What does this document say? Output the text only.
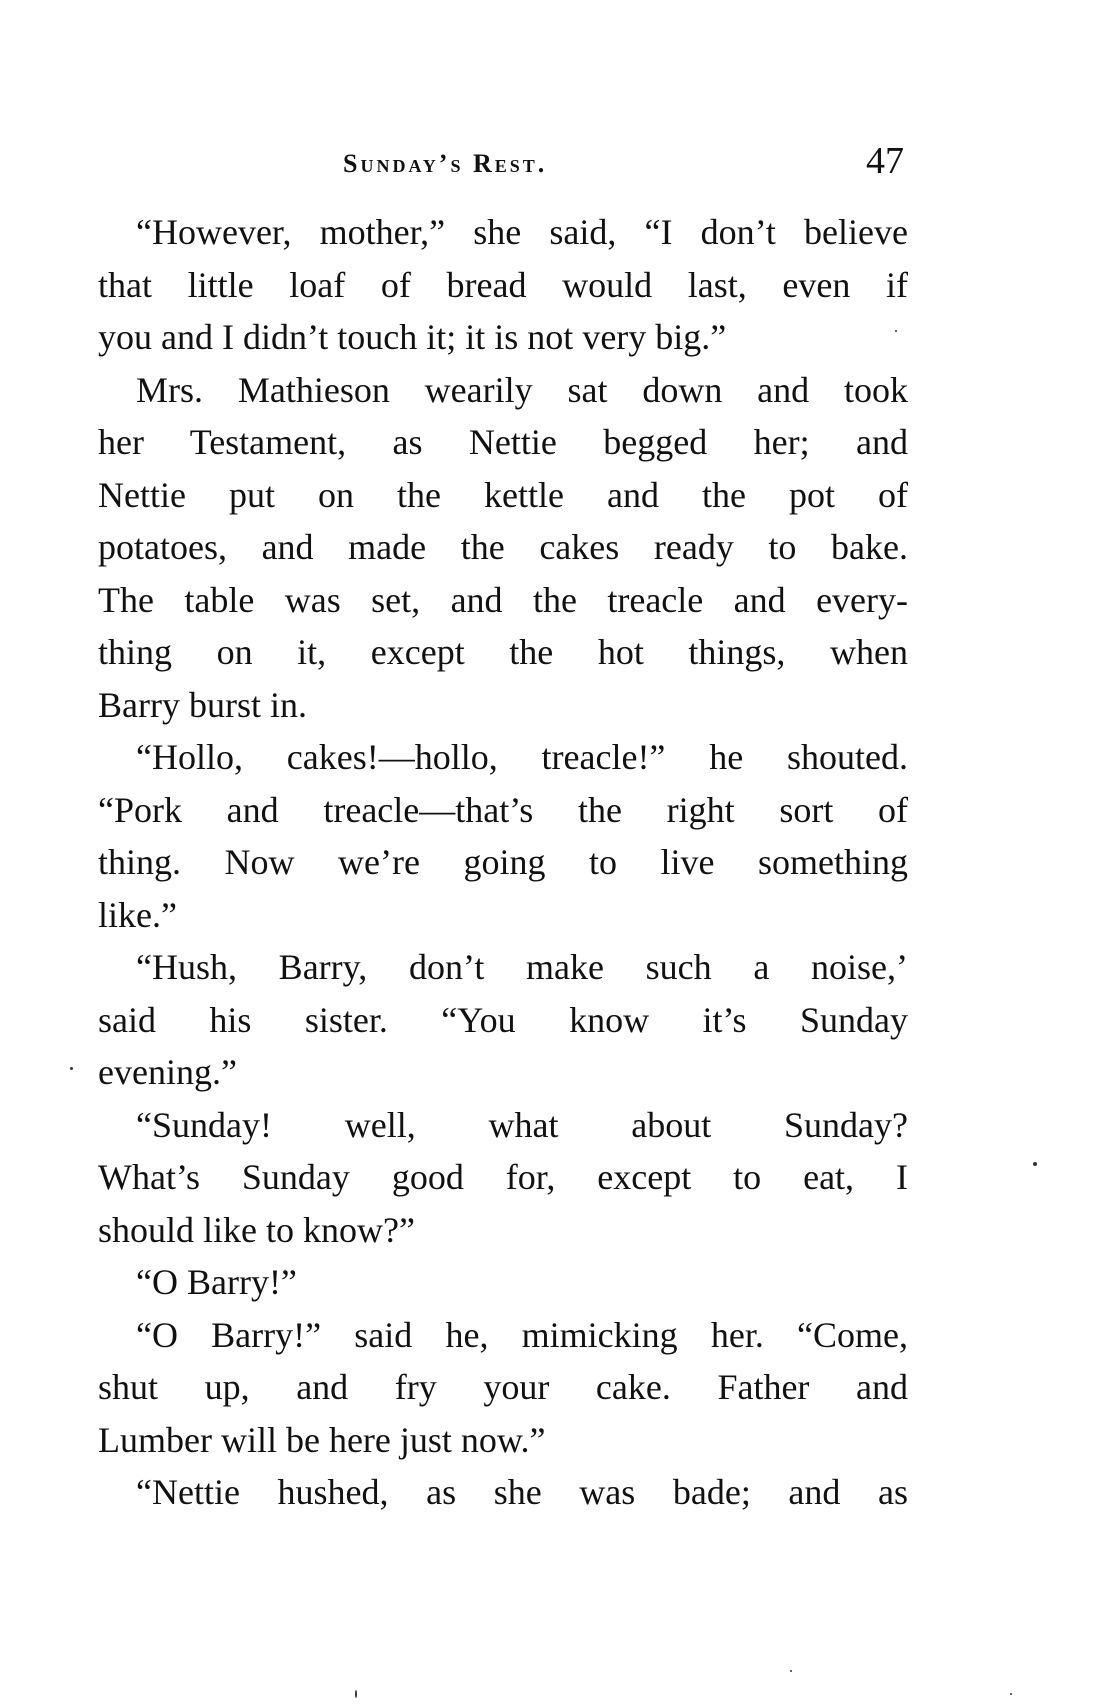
Sunday’s Rest.	47
“However, mother,” she said, “I don’t believe
that little loaf of bread would last, even if
you and I didn’t touch it; it is not very big.”
Mrs. Mathieson wearily sat down and took
her Testament, as Nettie begged her; and
Nettie put on the kettle and the pot of
potatoes, and made the cakes ready to bake.
The table was set, and the treacle and every-
thing on it, except the hot things, when
Barry burst in.
“Hollo, cakes!—hollo, treacle!” he shouted.
“Pork and treacle—that’s the right sort of
thing. Now we’re going to live something
like.”
“Hush, Barry, don’t make such a noise,’
said his sister. “You know it’s Sunday
evening.”
“Sunday! well, what about Sunday?
What’s Sunday good for, except to eat, I
should like to know?”
“O Barry!”
“O Barry!” said he, mimicking her. “Come,
shut up, and fry your cake. Father and
Lumber will be here just now.”
“Nettie hushed, as she was bade; and as
